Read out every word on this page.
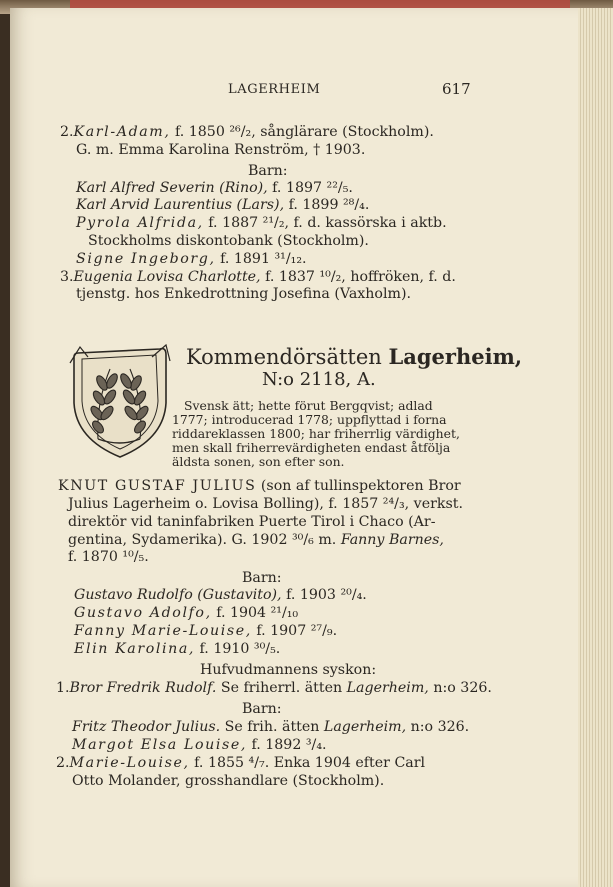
LAGERHEIM	617
2.Karl-Adam, f. 1850 ²⁶/₂, sånglärare (Stockholm).
G. m. Emma Karolina Renström, † 1903.
Barn:
Karl Alfred Severin (Rino), f. 1897 ²²/₅.
Karl Arvid Laurentius (Lars), f. 1899 ²⁸/₄.
Pyrola Alfrida, f. 1887 ²¹/₂, f. d. kassörska i aktb.
Stockholms diskontobank (Stockholm).
Signe Ingeborg, f. 1891 ³¹/₁₂.
3.Eugenia Lovisa Charlotte, f. 1837 ¹⁰/₂, hoffröken, f. d.
tjenstg. hos Enkedrottning Josefina (Vaxholm).
Kommendörsätten Lagerheim,
N:o 2118, A.
Svensk ätt; hette förut Bergqvist; adlad
1777; introducerad 1778; uppflyttad i forna
riddareklassen 1800; har friherrlig värdighet,
men skall friherrevärdigheten endast åtfölja
äldsta sonen, son efter son.
KNUT GUSTAF JULIUS (son af tullinspektoren Bror
Julius Lagerheim o. Lovisa Bolling), f. 1857 ²⁴/₃, verkst.
direktör vid taninfabriken Puerte Tirol i Chaco (Ar-
gentina, Sydamerika). G. 1902 ³⁰/₆ m. Fanny Barnes,
f. 1870 ¹⁰/₅.
Barn:
Gustavo Rudolfo (Gustavito), f. 1903 ²⁰/₄.
Gustavo Adolfo, f. 1904 ²¹/₁₀
Fanny Marie-Louise, f. 1907 ²⁷/₉.
Elin Karolina, f. 1910 ³⁰/₅.
Hufvudmannens syskon:
1.Bror Fredrik Rudolf. Se friherrl. ätten Lagerheim, n:o 326.
Barn:
Fritz Theodor Julius. Se frih. ätten Lagerheim, n:o 326.
Margot Elsa Louise, f. 1892 ³/₄.
2.Marie-Louise, f. 1855 ⁴/₇. Enka 1904 efter Carl
Otto Molander, grosshandlare (Stockholm).
